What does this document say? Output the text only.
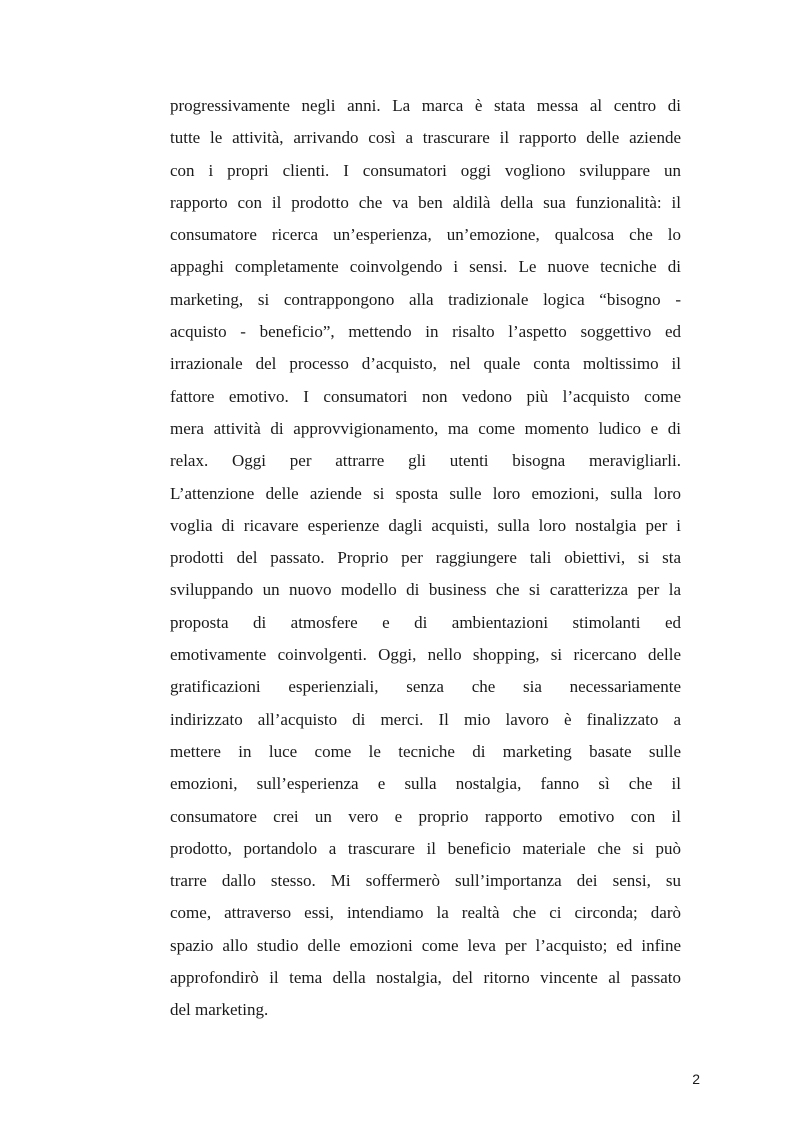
progressivamente negli anni. La marca è stata messa al centro di
tutte le attività, arrivando così a trascurare il rapporto delle aziende
con i propri clienti. I consumatori oggi vogliono sviluppare un
rapporto con il prodotto che va ben aldilà della sua funzionalità: il
consumatore ricerca un’esperienza, un’emozione, qualcosa che lo
appaghi completamente coinvolgendo i sensi. Le nuove tecniche di
marketing, si contrappongono alla tradizionale logica “bisogno -
acquisto - beneficio”, mettendo in risalto l’aspetto soggettivo ed
irrazionale del processo d’acquisto, nel quale conta moltissimo il
fattore emotivo. I consumatori non vedono più l’acquisto come
mera attività di approvvigionamento, ma come momento ludico e di
relax. Oggi per attrarre gli utenti bisogna meravigliarli.
L’attenzione delle aziende si sposta sulle loro emozioni, sulla loro
voglia di ricavare esperienze dagli acquisti, sulla loro nostalgia per i
prodotti del passato. Proprio per raggiungere tali obiettivi, si sta
sviluppando un nuovo modello di business che si caratterizza per la
proposta di atmosfere e di ambientazioni stimolanti ed
emotivamente coinvolgenti. Oggi, nello shopping, si ricercano delle
gratificazioni esperienziali, senza che sia necessariamente
indirizzato all’acquisto di merci. Il mio lavoro è finalizzato a
mettere in luce come le tecniche di marketing basate sulle
emozioni, sull’esperienza e sulla nostalgia, fanno sì che il
consumatore crei un vero e proprio rapporto emotivo con il
prodotto, portandolo a trascurare il beneficio materiale che si può
trarre dallo stesso. Mi soffermerò sull’importanza dei sensi, su
come, attraverso essi, intendiamo la realtà che ci circonda; darò
spazio allo studio delle emozioni come leva per l’acquisto; ed infine
approfondirò il tema della nostalgia, del ritorno vincente al passato
del marketing.
2
